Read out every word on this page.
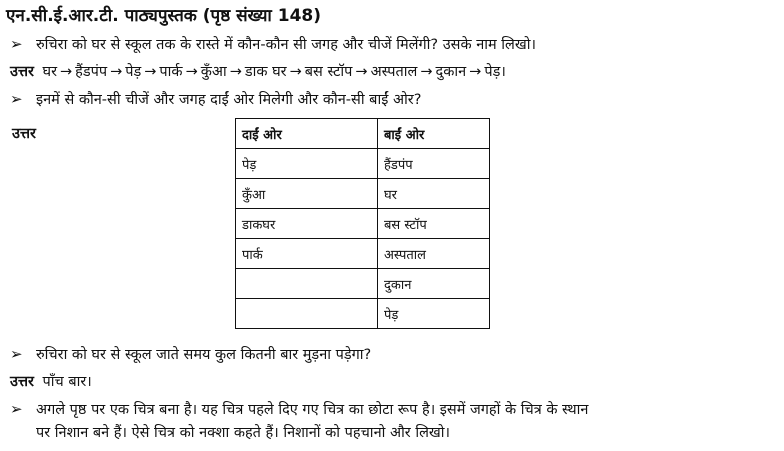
एन.सी.ई.आर.टी. पाठ्यपुस्तक (पृष्ठ संख्या 148)
➢ रुचिरा को घर से स्कूल तक के रास्ते में कौन-कौन सी जगह और चीजें मिलेंगी? उसके नाम लिखो।
उत्तर घर → हैंडपंप → पेड़ → पार्क → कुँआ → डाक घर → बस स्टॉप → अस्पताल → दुकान → पेड़।
➢ इनमें से कौन-सी चीजें और जगह दाईं ओर मिलेगी और कौन-सी बाईं ओर?
उत्तर	दाईं ओर	बाईं ओर
पेड़	हैंडपंप
कुँआ	घर
डाकघर	बस स्टॉप
पार्क	अस्पताल
	दुकान
	पेड़
➢ रुचिरा को घर से स्कूल जाते समय कुल कितनी बार मुड़ना पड़ेगा?
उत्तर पाँच बार।
➢ अगले पृष्ठ पर एक चित्र बना है। यह चित्र पहले दिए गए चित्र का छोटा रूप है। इसमें जगहों के चित्र के स्थान
पर निशान बने हैं। ऐसे चित्र को नक्शा कहते हैं। निशानों को पहचानो और लिखो।
